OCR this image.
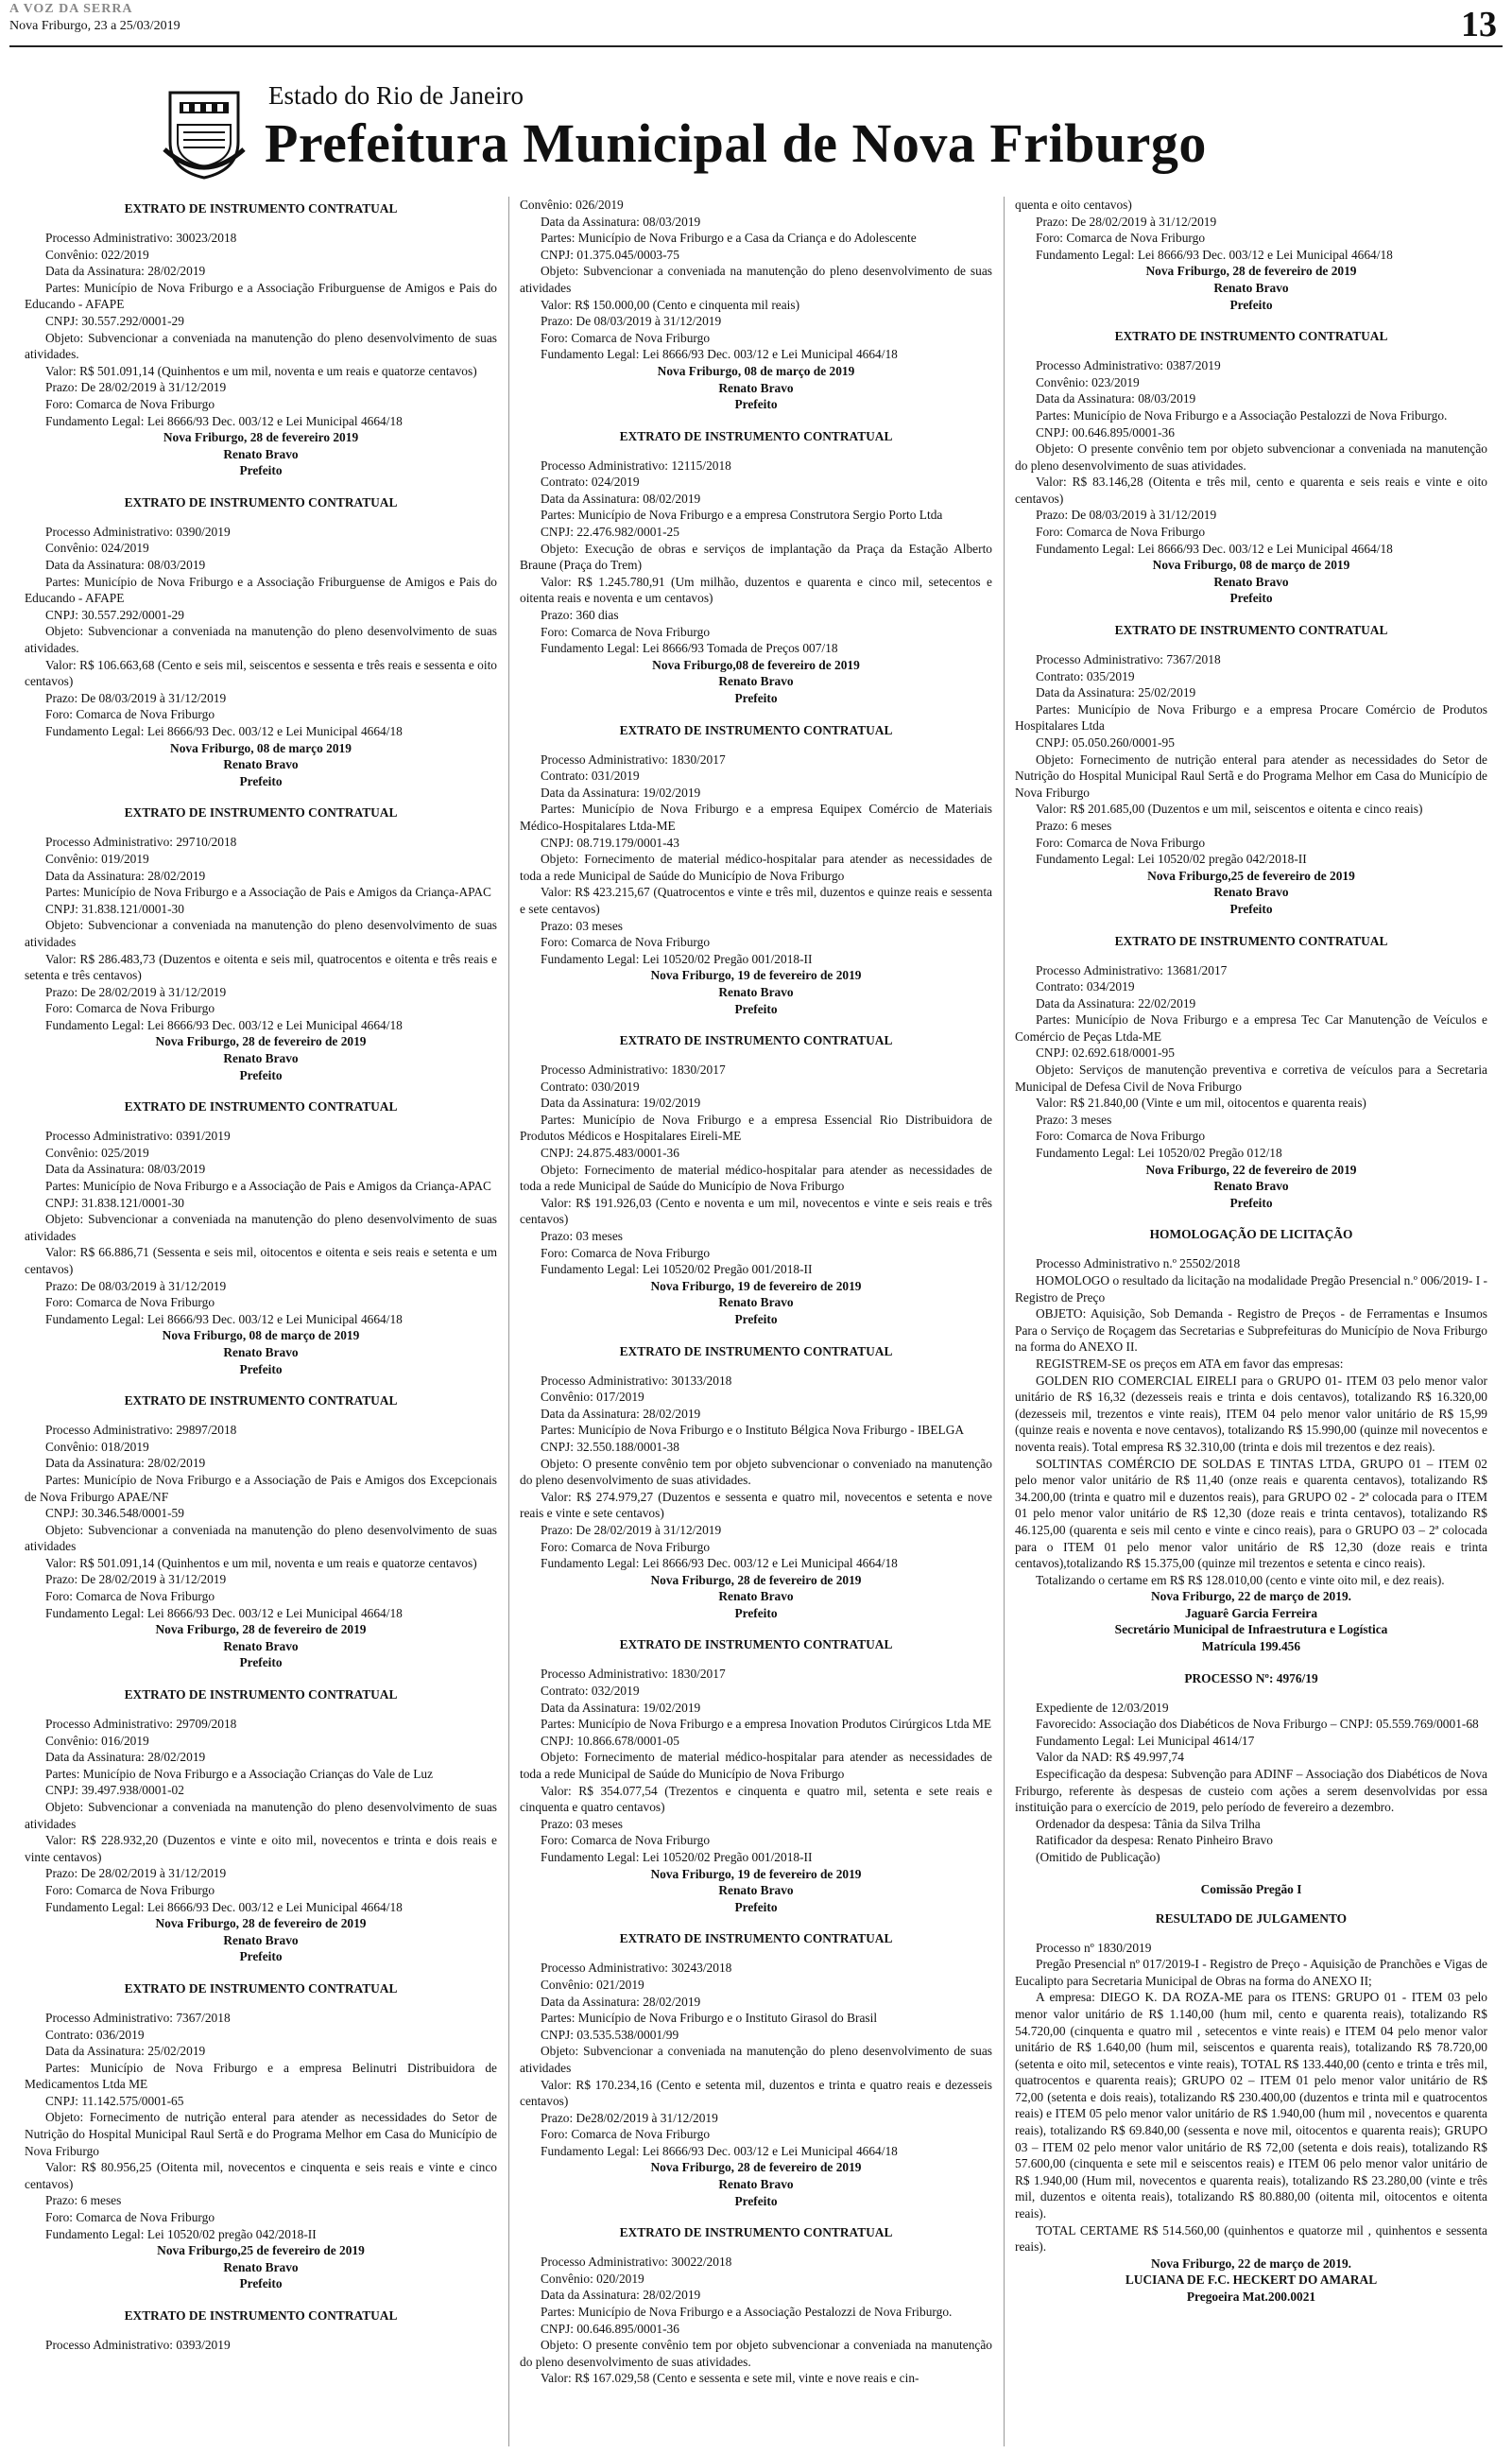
A VOZ DA SERRA
Nova Friburgo, 23 a 25/03/2019	13
Estado do Rio de Janeiro
Prefeitura Municipal de Nova Friburgo

EXTRATO DE INSTRUMENTO CONTRATUAL

Processo Administrativo: 30023/2018

Convênio: 022/2019

Data da Assinatura: 28/02/2019

Partes: Município de Nova Friburgo e a Associação Friburguense de Amigos e Pais do Educando - AFAPE

CNPJ: 30.557.292/0001-29

Objeto: Subvencionar a conveniada na manutenção do pleno desenvolvimento de suas atividades.

Valor: R$ 501.091,14 (Quinhentos e um mil, noventa e um reais e quatorze centavos)

Prazo: De 28/02/2019 à 31/12/2019

Foro: Comarca de Nova Friburgo

Fundamento Legal: Lei 8666/93 Dec. 003/12 e Lei Municipal 4664/18

Nova Friburgo, 28 de fevereiro 2019

Renato Bravo

Prefeito

EXTRATO DE INSTRUMENTO CONTRATUAL

Processo Administrativo: 0390/2019

Convênio: 024/2019

Data da Assinatura: 08/03/2019

Partes: Município de Nova Friburgo e a Associação Friburguense de Amigos e Pais do Educando - AFAPE

CNPJ: 30.557.292/0001-29

Objeto: Subvencionar a conveniada na manutenção do pleno desenvolvimento de suas atividades.

Valor: R$ 106.663,68 (Cento e seis mil, seiscentos e sessenta e três reais e sessenta e oito centavos)

Prazo: De 08/03/2019 à 31/12/2019

Foro: Comarca de Nova Friburgo

Fundamento Legal: Lei 8666/93 Dec. 003/12 e Lei Municipal 4664/18

Nova Friburgo, 08 de março 2019

Renato Bravo

Prefeito

EXTRATO DE INSTRUMENTO CONTRATUAL

Processo Administrativo: 29710/2018

Convênio: 019/2019

Data da Assinatura: 28/02/2019

Partes: Município de Nova Friburgo e a Associação de Pais e Amigos da Criança-APAC

CNPJ: 31.838.121/0001-30

Objeto: Subvencionar a conveniada na manutenção do pleno desenvolvimento de suas atividades

Valor: R$ 286.483,73 (Duzentos e oitenta e seis mil, quatrocentos e oitenta e três reais e setenta e três centavos)

Prazo: De 28/02/2019 à 31/12/2019

Foro: Comarca de Nova Friburgo

Fundamento Legal: Lei 8666/93 Dec. 003/12 e Lei Municipal 4664/18

Nova Friburgo, 28 de fevereiro de 2019

Renato Bravo

Prefeito

EXTRATO DE INSTRUMENTO CONTRATUAL

Processo Administrativo: 0391/2019

Convênio: 025/2019

Data da Assinatura: 08/03/2019

Partes: Município de Nova Friburgo e a Associação de Pais e Amigos da Criança-APAC

CNPJ: 31.838.121/0001-30

Objeto: Subvencionar a conveniada na manutenção do pleno desenvolvimento de suas atividades

Valor: R$ 66.886,71 (Sessenta e seis mil, oitocentos e oitenta e seis reais e setenta e um centavos)

Prazo: De 08/03/2019 à 31/12/2019

Foro: Comarca de Nova Friburgo

Fundamento Legal: Lei 8666/93 Dec. 003/12 e Lei Municipal 4664/18

Nova Friburgo, 08 de março de 2019

Renato Bravo

Prefeito

EXTRATO DE INSTRUMENTO CONTRATUAL

Processo Administrativo: 29897/2018

Convênio: 018/2019

Data da Assinatura: 28/02/2019

Partes: Município de Nova Friburgo e a Associação de Pais e Amigos dos Excepcionais de Nova Friburgo APAE/NF

CNPJ: 30.346.548/0001-59

Objeto: Subvencionar a conveniada na manutenção do pleno desenvolvimento de suas atividades

Valor: R$ 501.091,14 (Quinhentos e um mil, noventa e um reais e quatorze centavos)

Prazo: De 28/02/2019 à 31/12/2019

Foro: Comarca de Nova Friburgo

Fundamento Legal: Lei 8666/93 Dec. 003/12 e Lei Municipal 4664/18

Nova Friburgo, 28 de fevereiro de 2019

Renato Bravo

Prefeito

EXTRATO DE INSTRUMENTO CONTRATUAL

Processo Administrativo: 29709/2018

Convênio: 016/2019

Data da Assinatura: 28/02/2019

Partes: Município de Nova Friburgo e a Associação Crianças do Vale de Luz

CNPJ: 39.497.938/0001-02

Objeto: Subvencionar a conveniada na manutenção do pleno desenvolvimento de suas atividades

Valor: R$ 228.932,20 (Duzentos e vinte e oito mil, novecentos e trinta e dois reais e vinte centavos)

Prazo: De 28/02/2019 à 31/12/2019

Foro: Comarca de Nova Friburgo

Fundamento Legal: Lei 8666/93 Dec. 003/12 e Lei Municipal 4664/18

Nova Friburgo, 28 de fevereiro de 2019

Renato Bravo

Prefeito

EXTRATO DE INSTRUMENTO CONTRATUAL

Processo Administrativo: 7367/2018

Contrato: 036/2019

Data da Assinatura: 25/02/2019

Partes: Município de Nova Friburgo e a empresa Belinutri Distribuidora de Medicamentos Ltda ME

CNPJ: 11.142.575/0001-65

Objeto: Fornecimento de nutrição enteral para atender as necessidades do Setor de Nutrição do Hospital Municipal Raul Sertã e do Programa Melhor em Casa do Município de Nova Friburgo

Valor: R$ 80.956,25 (Oitenta mil, novecentos e cinquenta e seis reais e vinte e cinco centavos)

Prazo: 6 meses

Foro: Comarca de Nova Friburgo

Fundamento Legal: Lei 10520/02 pregão 042/2018-II

Nova Friburgo,25 de fevereiro de 2019

Renato Bravo

Prefeito

EXTRATO DE INSTRUMENTO CONTRATUAL

Processo Administrativo: 0393/2019

Convênio: 026/2019

Data da Assinatura: 08/03/2019

Partes: Município de Nova Friburgo e a Casa da Criança e do Adolescente

CNPJ: 01.375.045/0003-75

Objeto: Subvencionar a conveniada na manutenção do pleno desenvolvimento de suas atividades

Valor: R$ 150.000,00 (Cento e cinquenta mil reais)

Prazo: De 08/03/2019 à 31/12/2019

Foro: Comarca de Nova Friburgo

Fundamento Legal: Lei 8666/93 Dec. 003/12 e Lei Municipal 4664/18

Nova Friburgo, 08 de março de 2019

Renato Bravo

Prefeito

EXTRATO DE INSTRUMENTO CONTRATUAL

Processo Administrativo: 12115/2018

Contrato: 024/2019

Data da Assinatura: 08/02/2019

Partes: Município de Nova Friburgo e a empresa Construtora Sergio Porto Ltda

CNPJ: 22.476.982/0001-25

Objeto: Execução de obras e serviços de implantação da Praça da Estação Alberto Braune (Praça do Trem)

Valor: R$ 1.245.780,91 (Um milhão, duzentos e quarenta e cinco mil, setecentos e oitenta reais e noventa e um centavos)

Prazo: 360 dias

Foro: Comarca de Nova Friburgo

Fundamento Legal: Lei 8666/93 Tomada de Preços 007/18

Nova Friburgo,08 de fevereiro de 2019

Renato Bravo

Prefeito

EXTRATO DE INSTRUMENTO CONTRATUAL

Processo Administrativo: 1830/2017

Contrato: 031/2019

Data da Assinatura: 19/02/2019

Partes: Município de Nova Friburgo e a empresa Equipex Comércio de Materiais Médico-Hospitalares Ltda-ME

CNPJ: 08.719.179/0001-43

Objeto: Fornecimento de material médico-hospitalar para atender as necessidades de toda a rede Municipal de Saúde do Município de Nova Friburgo

Valor: R$ 423.215,67 (Quatrocentos e vinte e três mil, duzentos e quinze reais e sessenta e sete centavos)

Prazo: 03 meses

Foro: Comarca de Nova Friburgo

Fundamento Legal: Lei 10520/02 Pregão 001/2018-II

Nova Friburgo, 19 de fevereiro de 2019

Renato Bravo

Prefeito

EXTRATO DE INSTRUMENTO CONTRATUAL

Processo Administrativo: 1830/2017

Contrato: 030/2019

Data da Assinatura: 19/02/2019

Partes: Município de Nova Friburgo e a empresa Essencial Rio Distribuidora de Produtos Médicos e Hospitalares Eireli-ME

CNPJ: 24.875.483/0001-36

Objeto: Fornecimento de material médico-hospitalar para atender as necessidades de toda a rede Municipal de Saúde do Município de Nova Friburgo

Valor: R$ 191.926,03 (Cento e noventa e um mil, novecentos e vinte e seis reais e três centavos)

Prazo: 03 meses

Foro: Comarca de Nova Friburgo

Fundamento Legal: Lei 10520/02 Pregão 001/2018-II

Nova Friburgo, 19 de fevereiro de 2019

Renato Bravo

Prefeito

EXTRATO DE INSTRUMENTO CONTRATUAL

Processo Administrativo: 30133/2018

Convênio: 017/2019

Data da Assinatura: 28/02/2019

Partes: Município de Nova Friburgo e o Instituto Bélgica Nova Friburgo - IBELGA

CNPJ: 32.550.188/0001-38

Objeto: O presente convênio tem por objeto subvencionar o conveniado na manutenção do pleno desenvolvimento de suas atividades.

Valor: R$ 274.979,27 (Duzentos e sessenta e quatro mil, novecentos e setenta e nove reais e vinte e sete centavos)

Prazo: De 28/02/2019 à 31/12/2019

Foro: Comarca de Nova Friburgo

Fundamento Legal: Lei 8666/93 Dec. 003/12 e Lei Municipal 4664/18

Nova Friburgo, 28 de fevereiro de 2019

Renato Bravo

Prefeito

EXTRATO DE INSTRUMENTO CONTRATUAL

Processo Administrativo: 1830/2017

Contrato: 032/2019

Data da Assinatura: 19/02/2019

Partes: Município de Nova Friburgo e a empresa Inovation Produtos Cirúrgicos Ltda ME

CNPJ: 10.866.678/0001-05

Objeto: Fornecimento de material médico-hospitalar para atender as necessidades de toda a rede Municipal de Saúde do Município de Nova Friburgo

Valor: R$ 354.077,54 (Trezentos e cinquenta e quatro mil, setenta e sete reais e cinquenta e quatro centavos)

Prazo: 03 meses

Foro: Comarca de Nova Friburgo

Fundamento Legal: Lei 10520/02 Pregão 001/2018-II

Nova Friburgo, 19 de fevereiro de 2019

Renato Bravo

Prefeito

EXTRATO DE INSTRUMENTO CONTRATUAL

Processo Administrativo: 30243/2018

Convênio: 021/2019

Data da Assinatura: 28/02/2019

Partes: Município de Nova Friburgo e o Instituto Girasol do Brasil

CNPJ: 03.535.538/0001/99

Objeto: Subvencionar a conveniada na manutenção do pleno desenvolvimento de suas atividades

Valor: R$ 170.234,16 (Cento e setenta mil, duzentos e trinta e quatro reais e dezesseis centavos)

Prazo: De28/02/2019 à 31/12/2019

Foro: Comarca de Nova Friburgo

Fundamento Legal: Lei 8666/93 Dec. 003/12 e Lei Municipal 4664/18

Nova Friburgo, 28 de fevereiro de 2019

Renato Bravo

Prefeito

EXTRATO DE INSTRUMENTO CONTRATUAL

Processo Administrativo: 30022/2018

Convênio: 020/2019

Data da Assinatura: 28/02/2019

Partes: Município de Nova Friburgo e a Associação Pestalozzi de Nova Friburgo.

CNPJ: 00.646.895/0001-36

Objeto: O presente convênio tem por objeto subvencionar a conveniada na manutenção do pleno desenvolvimento de suas atividades.

Valor: R$ 167.029,58 (Cento e sessenta e sete mil, vinte e nove reais e cin-

quenta e oito centavos)

Prazo: De 28/02/2019 à 31/12/2019

Foro: Comarca de Nova Friburgo

Fundamento Legal: Lei 8666/93 Dec. 003/12 e Lei Municipal 4664/18

Nova Friburgo, 28 de fevereiro de 2019

Renato Bravo

Prefeito

EXTRATO DE INSTRUMENTO CONTRATUAL

Processo Administrativo: 0387/2019

Convênio: 023/2019

Data da Assinatura: 08/03/2019

Partes: Município de Nova Friburgo e a Associação Pestalozzi de Nova Friburgo.

CNPJ: 00.646.895/0001-36

Objeto: O presente convênio tem por objeto subvencionar a conveniada na manutenção do pleno desenvolvimento de suas atividades.

Valor: R$ 83.146,28 (Oitenta e três mil, cento e quarenta e seis reais e vinte e oito centavos)

Prazo: De 08/03/2019 à 31/12/2019

Foro: Comarca de Nova Friburgo

Fundamento Legal: Lei 8666/93 Dec. 003/12 e Lei Municipal 4664/18

Nova Friburgo, 08 de março de 2019

Renato Bravo

Prefeito

EXTRATO DE INSTRUMENTO CONTRATUAL

Processo Administrativo: 7367/2018

Contrato: 035/2019

Data da Assinatura: 25/02/2019

Partes: Município de Nova Friburgo e a empresa Procare Comércio de Produtos Hospitalares Ltda

CNPJ: 05.050.260/0001-95

Objeto: Fornecimento de nutrição enteral para atender as necessidades do Setor de Nutrição do Hospital Municipal Raul Sertã e do Programa Melhor em Casa do Município de Nova Friburgo

Valor: R$ 201.685,00 (Duzentos e um mil, seiscentos e oitenta e cinco reais)

Prazo: 6 meses

Foro: Comarca de Nova Friburgo

Fundamento Legal: Lei 10520/02 pregão 042/2018-II

Nova Friburgo,25 de fevereiro de 2019

Renato Bravo

Prefeito

EXTRATO DE INSTRUMENTO CONTRATUAL

Processo Administrativo: 13681/2017

Contrato: 034/2019

Data da Assinatura: 22/02/2019

Partes: Município de Nova Friburgo e a empresa Tec Car Manutenção de Veículos e Comércio de Peças Ltda-ME

CNPJ: 02.692.618/0001-95

Objeto: Serviços de manutenção preventiva e corretiva de veículos para a Secretaria Municipal de Defesa Civil de Nova Friburgo

Valor: R$ 21.840,00 (Vinte e um mil, oitocentos e quarenta reais)

Prazo: 3 meses

Foro: Comarca de Nova Friburgo

Fundamento Legal: Lei 10520/02 Pregão 012/18

Nova Friburgo, 22 de fevereiro de 2019

Renato Bravo

Prefeito

HOMOLOGAÇÃO DE LICITAÇÃO

Processo Administrativo n.º 25502/2018

HOMOLOGO o resultado da licitação na modalidade Pregão Presencial n.º 006/2019- I - Registro de Preço

OBJETO: Aquisição, Sob Demanda - Registro de Preços - de Ferramentas e Insumos Para o Serviço de Roçagem das Secretarias e Subprefeituras do Município de Nova Friburgo na forma do ANEXO II.

REGISTREM-SE os preços em ATA em favor das empresas:

GOLDEN RIO COMERCIAL EIRELI para o GRUPO 01- ITEM 03 pelo menor valor unitário de R$ 16,32 (dezesseis reais e trinta e dois centavos), totalizando R$ 16.320,00 (dezesseis mil, trezentos e vinte reais), ITEM 04 pelo menor valor unitário de R$ 15,99 (quinze reais e noventa e nove centavos), totalizando R$ 15.990,00 (quinze mil novecentos e noventa reais). Total empresa R$ 32.310,00 (trinta e dois mil trezentos e dez reais).

SOLTINTAS COMÉRCIO DE SOLDAS E TINTAS LTDA, GRUPO 01 – ITEM 02 pelo menor valor unitário de R$ 11,40 (onze reais e quarenta centavos), totalizando R$ 34.200,00 (trinta e quatro mil e duzentos reais), para GRUPO 02 - 2ª colocada para o ITEM 01 pelo menor valor unitário de R$ 12,30 (doze reais e trinta centavos), totalizando R$ 46.125,00 (quarenta e seis mil cento e vinte e cinco reais), para o GRUPO 03 – 2ª colocada para o ITEM 01 pelo menor valor unitário de R$ 12,30 (doze reais e trinta centavos),totalizando R$ 15.375,00 (quinze mil trezentos e setenta e cinco reais).

Totalizando o certame em R$ R$ 128.010,00 (cento e vinte oito mil, e dez reais).

Nova Friburgo, 22 de março de 2019.

Jaguarê Garcia Ferreira

Secretário Municipal de Infraestrutura e Logística

Matrícula 199.456

PROCESSO Nº: 4976/19

Expediente de 12/03/2019

Favorecido: Associação dos Diabéticos de Nova Friburgo – CNPJ: 05.559.769/0001-68

Fundamento Legal: Lei Municipal 4614/17

Valor da NAD: R$ 49.997,74

Especificação da despesa: Subvenção para ADINF – Associação dos Diabéticos de Nova Friburgo, referente às despesas de custeio com ações a serem desenvolvidas por essa instituição para o exercício de 2019, pelo período de fevereiro a dezembro.

Ordenador da despesa: Tânia da Silva Trilha

Ratificador da despesa: Renato Pinheiro Bravo

(Omitido de Publicação)

Comissão Pregão I

RESULTADO DE JULGAMENTO

Processo nº 1830/2019

Pregão Presencial nº 017/2019-I - Registro de Preço - Aquisição de Pranchões e Vigas de Eucalipto para Secretaria Municipal de Obras na forma do ANEXO II;

A empresa: DIEGO K. DA ROZA-ME para os ITENS: GRUPO 01 - ITEM 03 pelo menor valor unitário de R$ 1.140,00 (hum mil, cento e quarenta reais), totalizando R$ 54.720,00 (cinquenta e quatro mil , setecentos e vinte reais) e ITEM 04 pelo menor valor unitário de R$ 1.640,00 (hum mil, seiscentos e quarenta reais), totalizando R$ 78.720,00 (setenta e oito mil, setecentos e vinte reais), TOTAL R$ 133.440,00 (cento e trinta e três mil, quatrocentos e quarenta reais); GRUPO 02 – ITEM 01 pelo menor valor unitário de R$ 72,00 (setenta e dois reais), totalizando R$ 230.400,00 (duzentos e trinta mil e quatrocentos reais) e ITEM 05 pelo menor valor unitário de R$ 1.940,00 (hum mil , novecentos e quarenta reais), totalizando R$ 69.840,00 (sessenta e nove mil, oitocentos e quarenta reais); GRUPO 03 – ITEM 02 pelo menor valor unitário de R$ 72,00 (setenta e dois reais), totalizando R$ 57.600,00 (cinquenta e sete mil e seiscentos reais) e ITEM 06 pelo menor valor unitário de R$ 1.940,00 (Hum mil, novecentos e quarenta reais), totalizando R$ 23.280,00 (vinte e três mil, duzentos e oitenta reais), totalizando R$ 80.880,00 (oitenta mil, oitocentos e oitenta reais).

TOTAL CERTAME R$ 514.560,00 (quinhentos e quatorze mil , quinhentos e sessenta reais).

Nova Friburgo, 22 de março de 2019.

LUCIANA DE F.C. HECKERT DO AMARAL

Pregoeira Mat.200.0021
